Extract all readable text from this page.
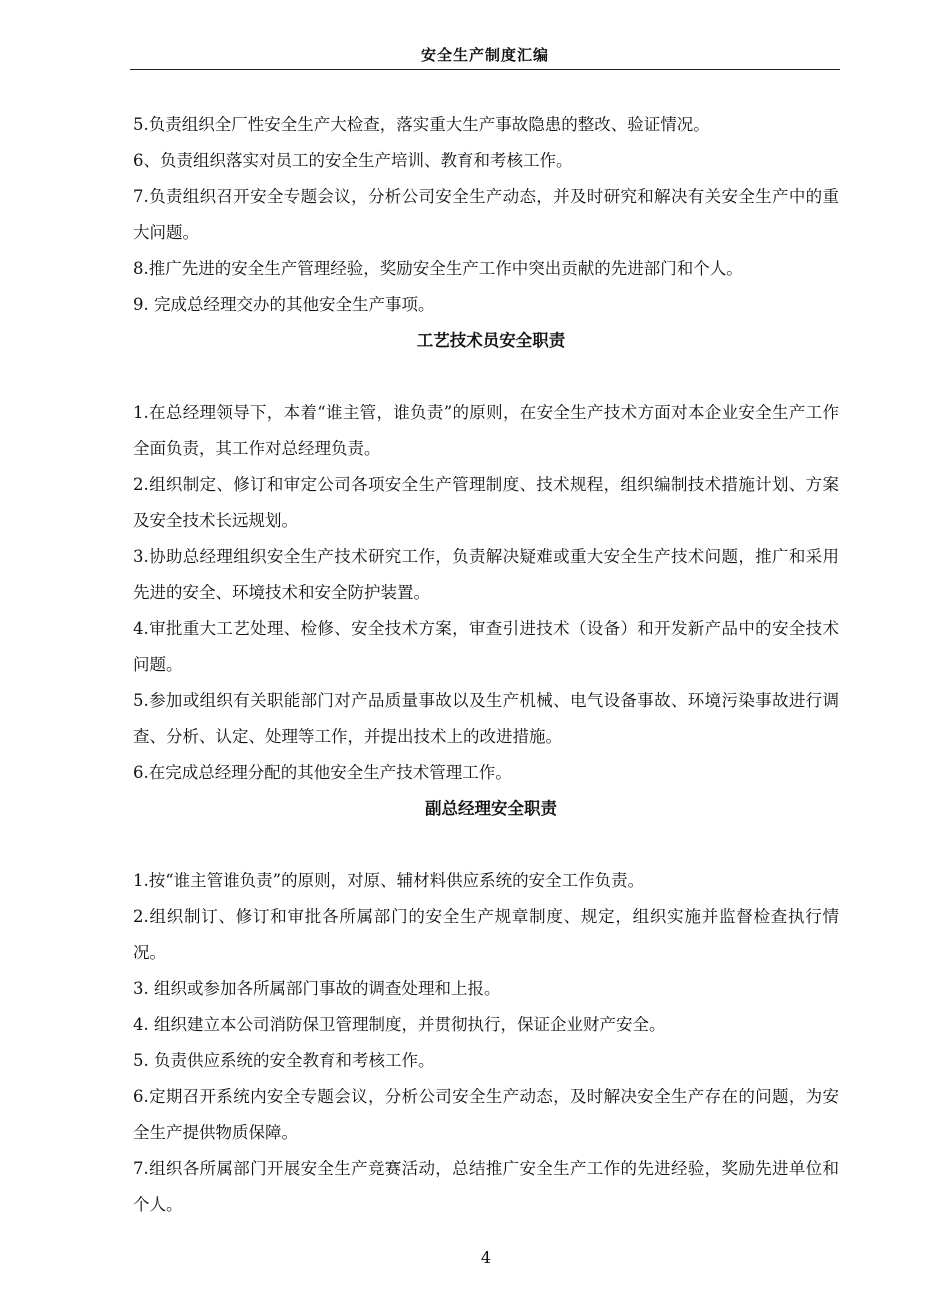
安全生产制度汇编

5.负责组织全厂性安全生产大检查，落实重大生产事故隐患的整改、验证情况。

6、负责组织落实对员工的安全生产培训、教育和考核工作。

7.负责组织召开安全专题会议，分析公司安全生产动态，并及时研究和解决有关安全生产中的重大问题。

8.推广先进的安全生产管理经验，奖励安全生产工作中突出贡献的先进部门和个人。

9. 完成总经理交办的其他安全生产事项。

工艺技术员安全职责

1.在总经理领导下，本着“谁主管，谁负责”的原则，在安全生产技术方面对本企业安全生产工作全面负责，其工作对总经理负责。

2.组织制定、修订和审定公司各项安全生产管理制度、技术规程，组织编制技术措施计划、方案及安全技术长远规划。

3.协助总经理组织安全生产技术研究工作，负责解决疑难或重大安全生产技术问题，推广和采用先进的安全、环境技术和安全防护装置。

4.审批重大工艺处理、检修、安全技术方案，审查引进技术（设备）和开发新产品中的安全技术问题。

5.参加或组织有关职能部门对产品质量事故以及生产机械、电气设备事故、环境污染事故进行调查、分析、认定、处理等工作，并提出技术上的改进措施。

6.在完成总经理分配的其他安全生产技术管理工作。

副总经理安全职责

1.按“谁主管谁负责”的原则，对原、辅材料供应系统的安全工作负责。

2.组织制订、修订和审批各所属部门的安全生产规章制度、规定，组织实施并监督检查执行情况。

3. 组织或参加各所属部门事故的调查处理和上报。

4. 组织建立本公司消防保卫管理制度，并贯彻执行，保证企业财产安全。

5. 负责供应系统的安全教育和考核工作。

6.定期召开系统内安全专题会议，分析公司安全生产动态，及时解决安全生产存在的问题，为安全生产提供物质保障。

7.组织各所属部门开展安全生产竞赛活动，总结推广安全生产工作的先进经验，奖励先进单位和个人。

4
